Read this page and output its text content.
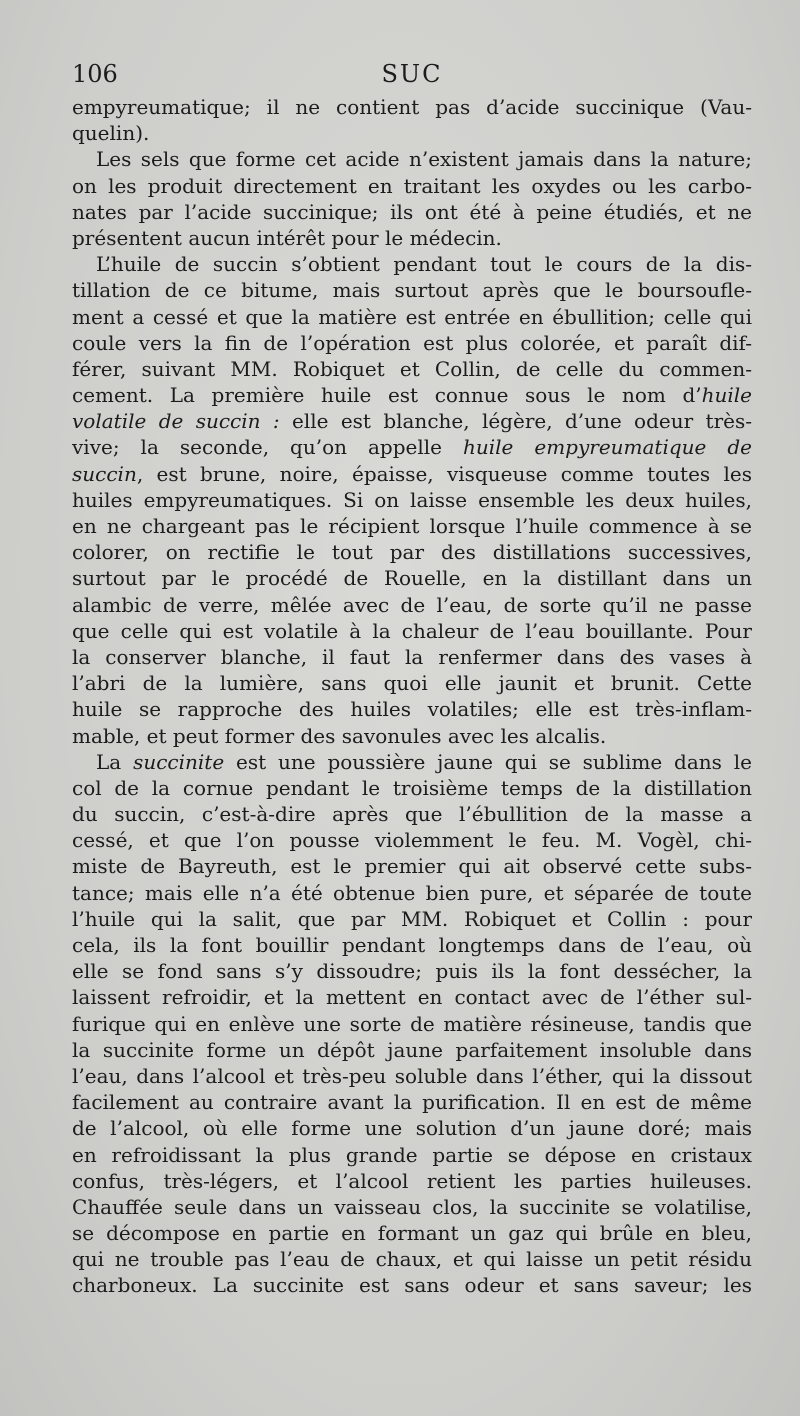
106	SUC
empyreumatique; il ne contient pas d’acide succinique (Vau-
quelin).
Les sels que forme cet acide n’existent jamais dans la nature;
on les produit directement en traitant les oxydes ou les carbo-
nates par l’acide succinique; ils ont été à peine étudiés, et ne
présentent aucun intérêt pour le médecin.
L’huile de succin s’obtient pendant tout le cours de la dis-
tillation de ce bitume, mais surtout après que le boursoufle-
ment a cessé et que la matière est entrée en ébullition; celle qui
coule vers la fin de l’opération est plus colorée, et paraît dif-
férer, suivant MM. Robiquet et Collin, de celle du commen-
cement. La première huile est connue sous le nom d’huile
volatile de succin : elle est blanche, légère, d’une odeur très-
vive; la seconde, qu’on appelle huile empyreumatique de
succin, est brune, noire, épaisse, visqueuse comme toutes les
huiles empyreumatiques. Si on laisse ensemble les deux huiles,
en ne chargeant pas le récipient lorsque l’huile commence à se
colorer, on rectifie le tout par des distillations successives,
surtout par le procédé de Rouelle, en la distillant dans un
alambic de verre, mêlée avec de l’eau, de sorte qu’il ne passe
que celle qui est volatile à la chaleur de l’eau bouillante. Pour
la conserver blanche, il faut la renfermer dans des vases à
l’abri de la lumière, sans quoi elle jaunit et brunit. Cette
huile se rapproche des huiles volatiles; elle est très-inflam-
mable, et peut former des savonules avec les alcalis.
La succinite est une poussière jaune qui se sublime dans le
col de la cornue pendant le troisième temps de la distillation
du succin, c’est-à-dire après que l’ébullition de la masse a
cessé, et que l’on pousse violemment le feu. M. Vogèl, chi-
miste de Bayreuth, est le premier qui ait observé cette subs-
tance; mais elle n’a été obtenue bien pure, et séparée de toute
l’huile qui la salit, que par MM. Robiquet et Collin : pour
cela, ils la font bouillir pendant longtemps dans de l’eau, où
elle se fond sans s’y dissoudre; puis ils la font dessécher, la
laissent refroidir, et la mettent en contact avec de l’éther sul-
furique qui en enlève une sorte de matière résineuse, tandis que
la succinite forme un dépôt jaune parfaitement insoluble dans
l’eau, dans l’alcool et très-peu soluble dans l’éther, qui la dissout
facilement au contraire avant la purification. Il en est de même
de l’alcool, où elle forme une solution d’un jaune doré; mais
en refroidissant la plus grande partie se dépose en cristaux
confus, très-légers, et l’alcool retient les parties huileuses.
Chauffée seule dans un vaisseau clos, la succinite se volatilise,
se décompose en partie en formant un gaz qui brûle en bleu,
qui ne trouble pas l’eau de chaux, et qui laisse un petit résidu
charboneux. La succinite est sans odeur et sans saveur; les
